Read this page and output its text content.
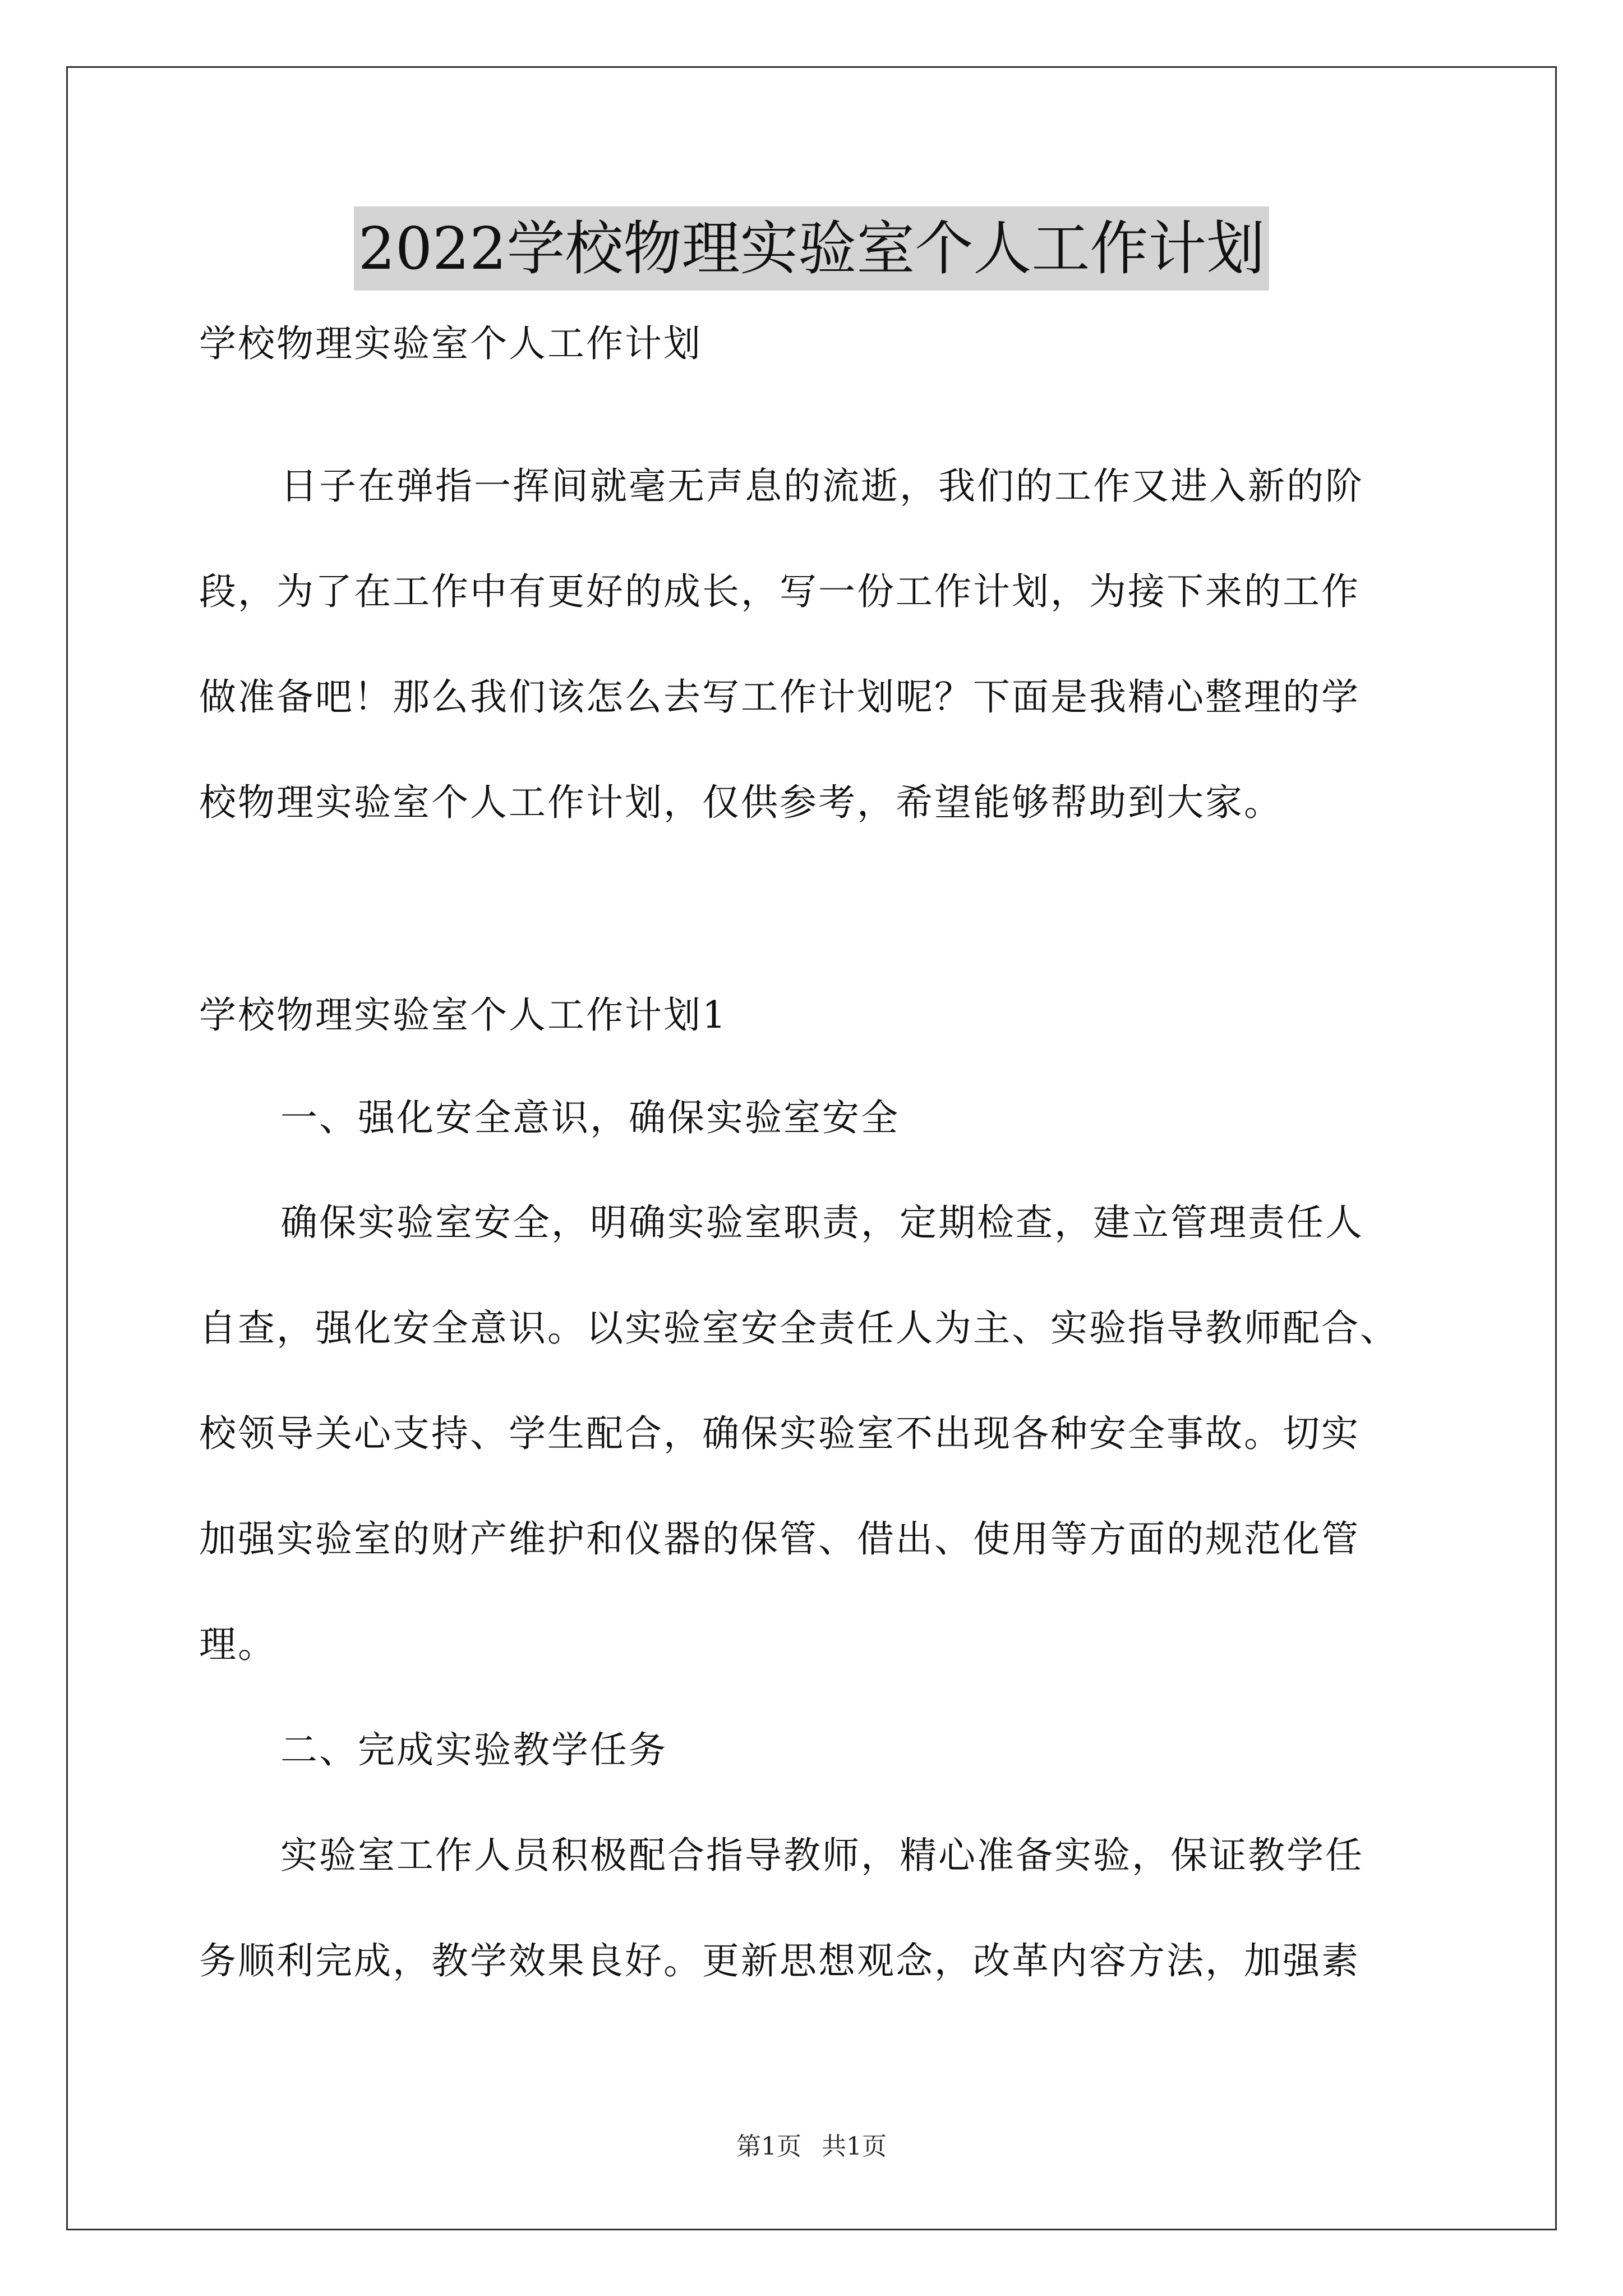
2022学校物理实验室个人工作计划
学校物理实验室个人工作计划
日子在弹指一挥间就毫无声息的流逝，我们的工作又进入新的阶
段，为了在工作中有更好的成长，写一份工作计划，为接下来的工作
做准备吧！那么我们该怎么去写工作计划呢？下面是我精心整理的学
校物理实验室个人工作计划，仅供参考，希望能够帮助到大家。
学校物理实验室个人工作计划1
一、强化安全意识，确保实验室安全
确保实验室安全，明确实验室职责，定期检查，建立管理责任人
自查，强化安全意识。以实验室安全责任人为主、实验指导教师配合、
校领导关心支持、学生配合，确保实验室不出现各种安全事故。切实
加强实验室的财产维护和仪器的保管、借出、使用等方面的规范化管
理。
二、完成实验教学任务
实验室工作人员积极配合指导教师，精心准备实验，保证教学任
务顺利完成，教学效果良好。更新思想观念，改革内容方法，加强素
第1页 共1页
